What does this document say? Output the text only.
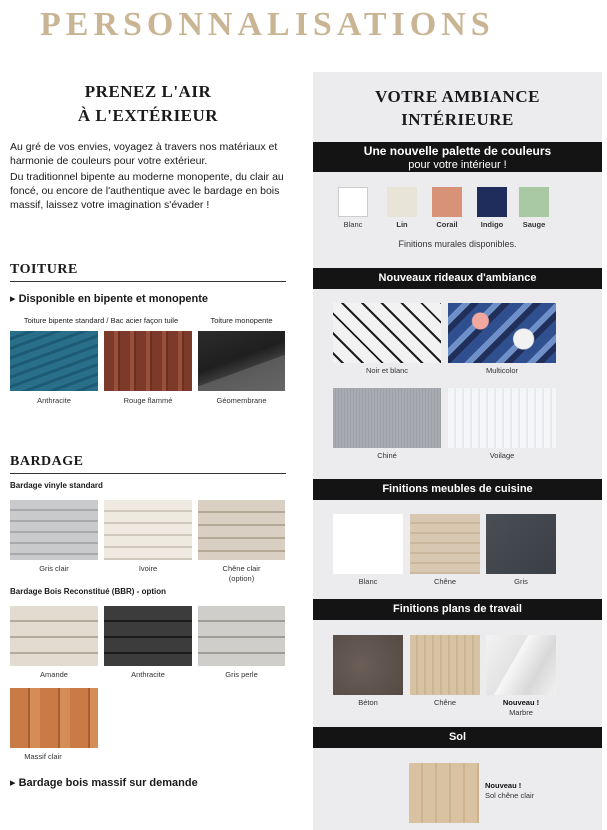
PERSONNALISATIONS
PRENEZ L'AIR
À L'EXTÉRIEUR

Au gré de vos envies, voyagez à travers nos matériaux et harmonie de couleurs pour votre extérieur.

Du traditionnel bipente au moderne monopente, du clair au foncé, ou encore de l'authentique avec le bardage en bois massif, laissez votre imagination s'évader !

TOITURE
▸ Disponible en bipente et monopente
Toiture bipente standard / Bac acier façon tuile	Toiture monopente
Anthracite	Rouge flammé	Géomembrane
BARDAGE
Bardage vinyle standard
Gris clair	Ivoire	Chêne clair
(option)
Bardage Bois Reconstitué (BBR) - option
Amande	Anthracite	Gris perle
Massif clair
▸ Bardage bois massif sur demande
VOTRE AMBIANCE
INTÉRIEURE
Une nouvelle palette de couleurs
pour votre intérieur !
Blanc	Lin	Corail	Indigo	Sauge
Finitions murales disponibles.
Nouveaux rideaux d'ambiance
Noir et blanc	Multicolor
Chiné	Voilage
Finitions meubles de cuisine
Blanc	Chêne	Gris
Finitions plans de travail
Béton	Chêne	Nouveau !
Marbre
Sol
Nouveau !
Sol chêne clair
